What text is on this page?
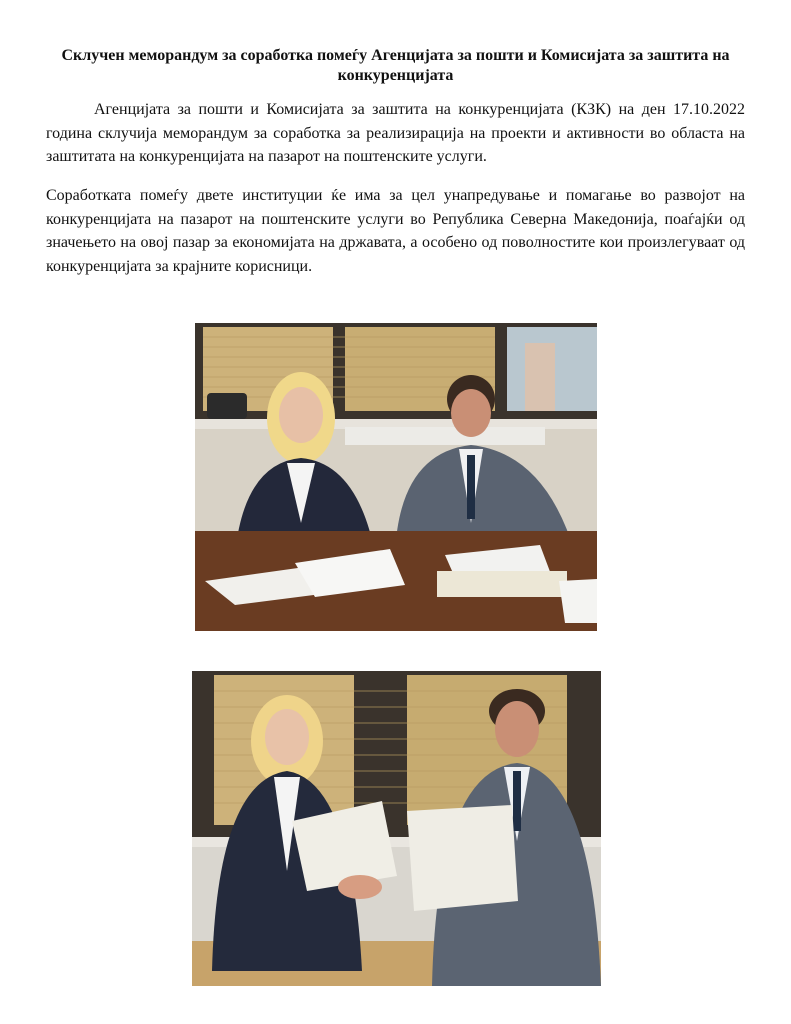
Склучен меморандум за соработка помеѓу Агенцијата за пошти и Комисијата за заштита на конкуренцијата

Агенцијата за пошти и Комисијата за заштита на конкуренцијата (КЗК) на ден 17.10.2022 година склучија меморандум за соработка за реализирација на проекти и активности во областа на заштитата на конкуренцијата на пазарот на поштенските услуги.

Соработката помеѓу двете институции ќе има за цел унапредување и помагање во развојот на конкуренцијата на пазарот на поштенските услуги во Република Северна Македонија, поаѓајќи од значењето на овој пазар за економијата на државата, а особено од поволностите кои произлегуваат од конкуренцијата за крајните корисници.
